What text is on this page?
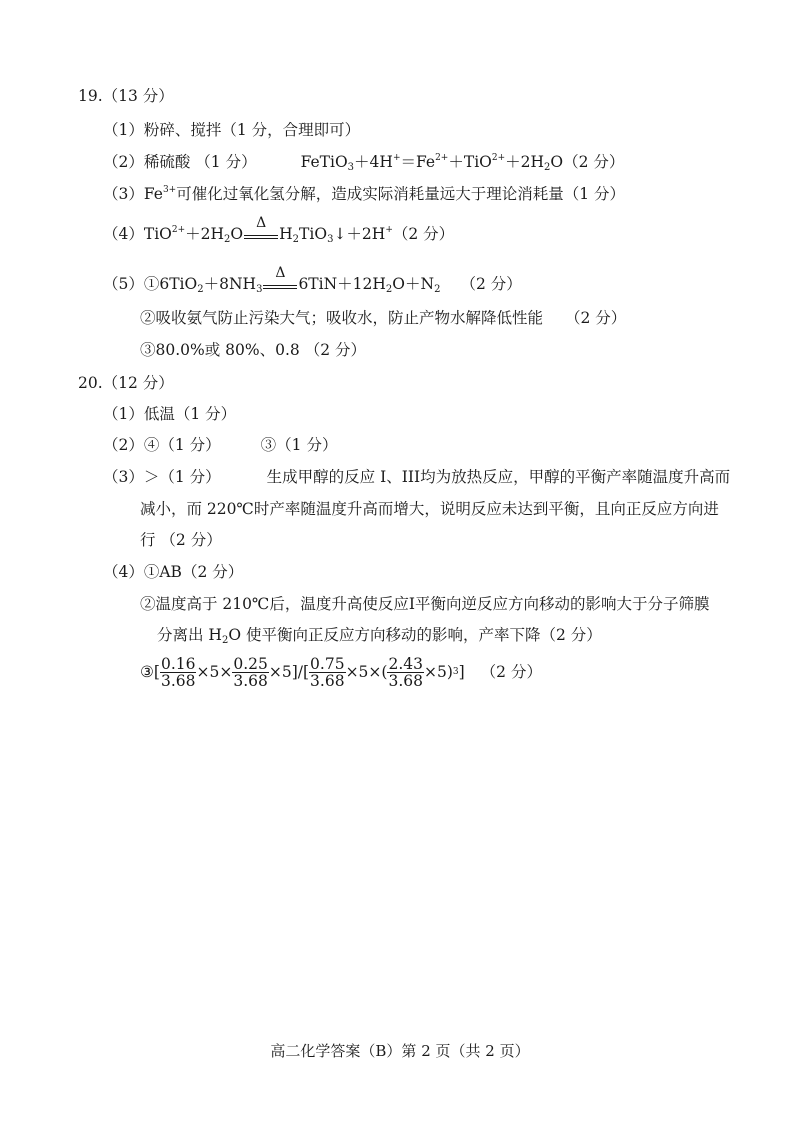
19.（13 分）
（1）粉碎、搅拌（1 分，合理即可）
（2）稀硫酸 （1 分）	$FeTiO_3+4H^+=Fe^{2+}+TiO^{2+}+2H_2O(2$ 分）
$(3)Fe^{3+}$可催化过氧化氢分解，造成实际消耗量远大于理论消耗量（1 分）
$(4)TiO^{2+}+2H_2O$
Δ
$H_2TiO_3↓+2H^+(2$ 分）
$(5)①6TiO_2+8NH_3$
Δ
$6TiN+12H_2O+N_2$ （2 分）
②吸收氨气防止污染大气；吸收水，防止产物水解降低性能 （2 分）
③80.0%或 80%、0.8 （2 分）
20.（12 分）
（1）低温（1 分）
（2）④（1 分）	③（1 分）
（3）＞（1 分）	生成甲醇的反应 I、III均为放热反应，甲醇的平衡产率随温度升高而
减小，而 220℃时产率随温度升高而增大，说明反应未达到平衡，且向正反应方向进
行 （2 分）
（4）①AB（2 分）
②温度高于 210℃后，温度升高使反应I平衡向逆反应方向移动的影响大于分子筛膜
分离出 $H_2O$ 使平衡向正反应方向移动的影响，产率下降（2 分）
③ [ $\frac{0.16}{3.68} \times 5\times \frac{0.25}{3.68} \times 5$] / [ $\frac{0.75}{3.68} \times 5\times( \frac{2.43}{3.68} \times 5)$ 3 ] （2 分）
高二化学答案（B）第 2 页（共 2 页）
